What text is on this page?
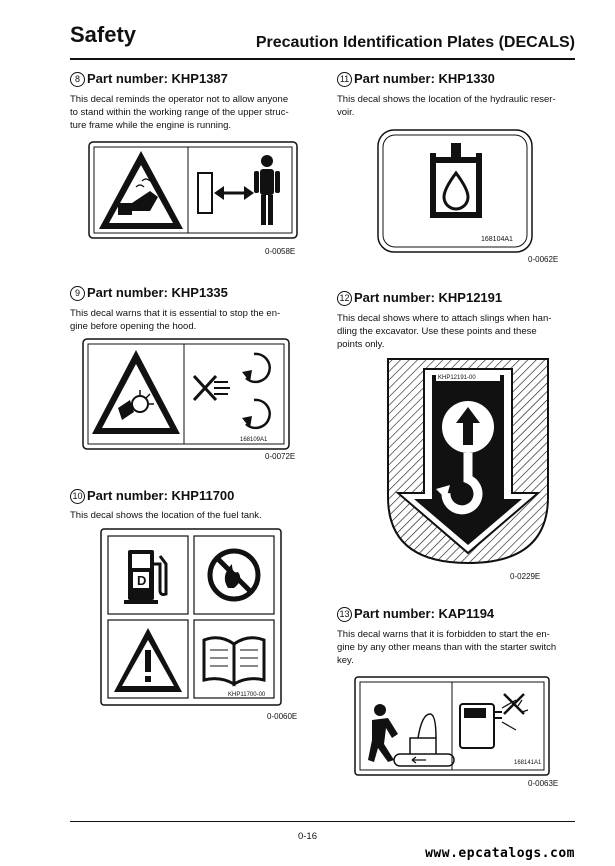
Safety	Precaution Identification Plates (DECALS)
8 Part number: KHP1387
This decal reminds the operator not to allow anyone
to stand within the working range of the upper struc-
ture frame while the engine is running.
0-0058E
9 Part number: KHP1335
This decal warns that it is essential to stop the en-
gine before opening the hood.
168109A1
0-0072E
10 Part number: KHP11700
This decal shows the location of the fuel tank.
D
KHP11700-00
0-0060E
11 Part number: KHP1330
This decal shows the location of the hydraulic reser-
voir.
168104A1
0-0062E
12 Part number: KHP12191
This decal shows where to attach slings when han-
dling the excavator. Use these points and these
points only.
KHP12191-00
0-0229E
13 Part number: KAP1194
This decal warns that it is forbidden to start the en-
gine by any other means than with the starter switch
key.
168141A1
0-0063E
0-16
www.epcatalogs.com
